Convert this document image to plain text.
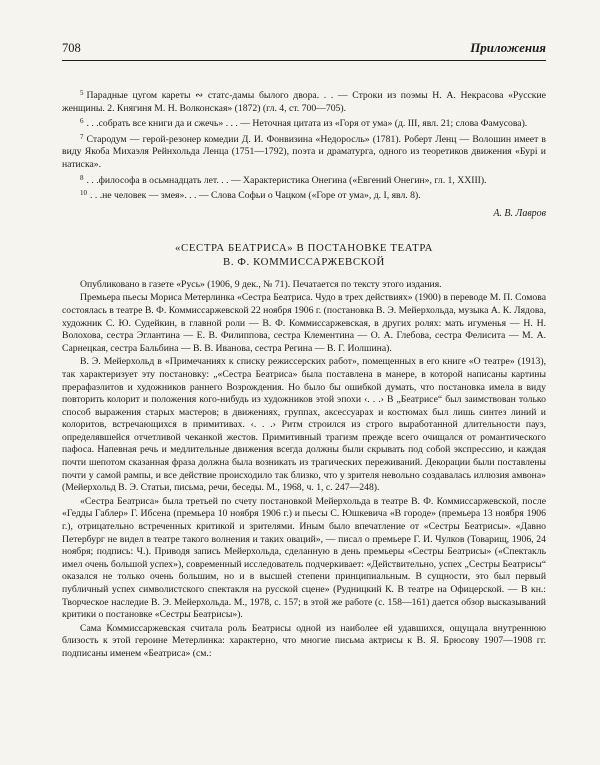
708	Приложения

$^5$ Парадные цугом кареты ∾ статс-дамы былого двора. . . — Строки из поэмы Н. А. Некрасова «Русские женщины. 2. Княгиня М. Н. Волконская» (1872) (гл. 4, ст. 700—705).

$^6$ . . .собрать все книги да и сжечь» . . . — Неточная цитата из «Горя от ума» (д. III, явл. 21; слова Фамусова).

$^7$ Стародум — герой-резонер комедии Д. И. Фонвизина «Недоросль» (1781). Роберт Ленц — Волошин имеет в виду Якоба Михаэля Рейнхольда Ленца (1751—1792), поэта и драматурга, одного из теоретиков движения «Бурі и натиска».

$^8$ . . .философа в осьмнадцать лет. . . — Характеристика Онегина («Евгений Онегин», гл. 1, XXIII).

$^{10}$ . . .не человек — змея». . . — Слова Софьи о Чацком («Горе от ума», д. I, явл. 8).

А. В. Лавров

«СЕСТРА БЕАТРИСА» В ПОСТАНОВКЕ ТЕАТРА
В. Ф. КОММИССАРЖЕВСКОЙ

Опубликовано в газете «Русь» (1906, 9 дек., № 71). Печатается по тексту этого издания.

Премьера пьесы Мориса Метерлинка «Сестра Беатриса. Чудо в трех действиях» (1900) в переводе М. П. Сомова состоялась в театре В. Ф. Коммиссаржевской 22 ноября 1906 г. (постановка В. Э. Мейерхольда, музыка А. К. Лядова, художник С. Ю. Судейкин, в главной роли — В. Ф. Коммиссаржевская, в других ролях: мать игуменья — Н. Н. Волохова, сестра Эглантина — Е. В. Филиппова, сестра Клементина — О. А. Глебова, сестра Фелисита — М. А. Сарнецкая, сестра Бальбина — В. В. Иванова, сестра Регина — В. Г. Иолшина).

В. Э. Мейерхольд в «Примечаниях к списку режиссерских работ», помещенных в его книге «О театре» (1913), так характеризует эту постановку: „«Сестра Беатриса» была поставлена в манере, в которой написаны картины прерафаэлитов и художников раннего Возрождения. Но было бы ошибкой думать, что постановка имела в виду повторить колорит и положения кого-нибудь из художников этой эпохи ‹. . .› В „Беатрисе“ был заимствован только способ выражения старых мастеров; в движениях, группах, аксессуарах и костюмах был лишь синтез линий и колоритов, встречающихся в примитивах. ‹. . .› Ритм строился из строго выработанной длительности пауз, определявшейся отчетливой чеканкой жестов. Примитивный трагизм прежде всего очищался от романтического пафоса. Напевная речь и медлительные движения всегда должны были скрывать под собой экспрессию, и каждая почти шепотом сказанная фраза должна была возникать из трагических переживаний. Декорации были поставлены почти у самой рампы, и все действие происходило так близко, что у зрителя невольно создавалась иллюзия амвона» (Мейерхольд В. Э. Статьи, письма, речи, беседы. М., 1968, ч. 1, с. 247—248).

«Сестра Беатриса» была третьей по счету постановкой Мейерхольда в театре В. Ф. Коммиссаржевской, после «Гедды Габлер» Г. Ибсена (премьера 10 ноября 1906 г.) и пьесы С. Юшкевича «В городе» (премьера 13 ноября 1906 г.), отрицательно встреченных критикой и зрителями. Иным было впечатление от «Сестры Беатрисы». «Давно Петербург не видел в театре такого волнения и таких оваций», — писал о премьере Г. И. Чулков (Товарищ, 1906, 24 ноября; подпись: Ч.). Приводя запись Мейерхольда, сделанную в день премьеры «Сестры Беатрисы» («Спектакль имел очень большой успех»), современный исследователь подчеркивает: «Действительно, успех „Сестры Беатрисы“ оказался не только очень большим, но и в высшей степени принципиальным. В сущности, это был первый публичный успех символистского спектакля на русской сцене» (Рудницкий К. В театре на Офицерской. — В кн.: Творческое наследие В. Э. Мейерхольда. М., 1978, с. 157; в этой же работе (с. 158—161) дается обзор высказываний критики о постановке «Сестры Беатрисы»).

Сама Коммиссаржевская считала роль Беатрисы одной из наиболее ей удавшихся, ощущала внутреннюю близость к этой героине Метерлинка: характерно, что многие письма актрисы к В. Я. Брюсову 1907—1908 гг. подписаны именем «Беатриса» (см.:
